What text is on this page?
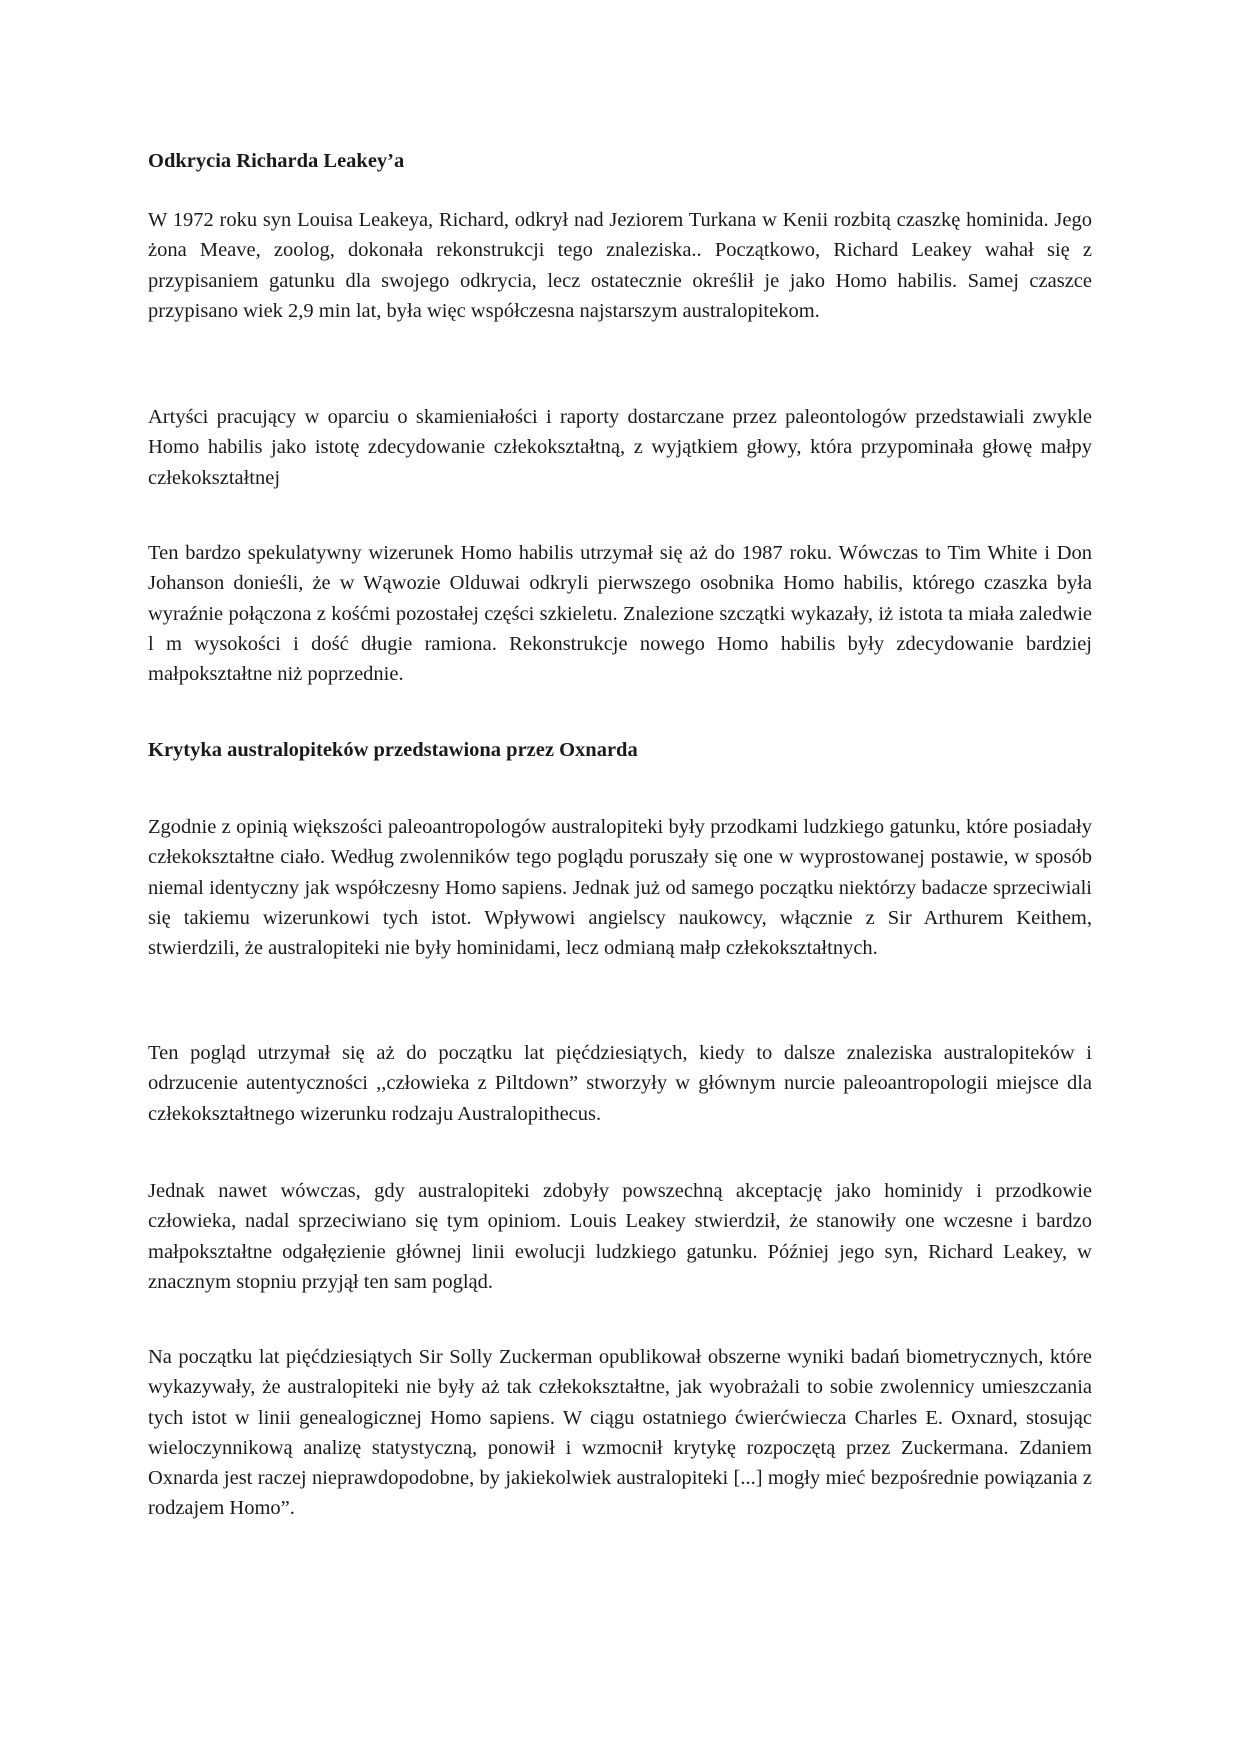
Odkrycia Richarda Leakey’a

W 1972 roku syn Louisa Leakeya, Richard, odkrył nad Jeziorem Turkana w Kenii rozbitą czaszkę hominida. Jego żona Meave, zoolog, dokonała rekonstrukcji tego znaleziska.. Początkowo, Richard Leakey wahał się z przypisaniem gatunku dla swojego odkrycia, lecz ostatecznie określił je jako Homo habilis. Samej czaszce przypisano wiek 2,9 min lat, była więc współczesna najstarszym australopitekom.

Artyści pracujący w oparciu o skamieniałości i raporty dostarczane przez paleontologów przedstawiali zwykle Homo habilis jako istotę zdecydowanie człekokształtną, z wyjątkiem głowy, która przypominała głowę małpy człekokształtnej

Ten bardzo spekulatywny wizerunek Homo habilis utrzymał się aż do 1987 roku. Wówczas to Tim White i Don Johanson donieśli, że w Wąwozie Olduwai odkryli pierwszego osobnika Homo habilis, którego czaszka była wyraźnie połączona z kośćmi pozostałej części szkieletu. Znalezione szczątki wykazały, iż istota ta miała zaledwie l m wysokości i dość długie ramiona. Rekonstrukcje nowego Homo habilis były zdecydowanie bardziej małpokształtne niż poprzednie.

Krytyka australopiteków przedstawiona przez Oxnarda

Zgodnie z opinią większości paleoantropologów australopiteki były przodkami ludzkiego gatunku, które posiadały człekokształtne ciało. Według zwolenników tego poglądu poruszały się one w wyprostowanej postawie, w sposób niemal identyczny jak współczesny Homo sapiens. Jednak już od samego początku niektórzy badacze sprzeciwiali się takiemu wizerunkowi tych istot. Wpływowi angielscy naukowcy, włącznie z Sir Arthurem Keithem, stwierdzili, że australopiteki nie były hominidami, lecz odmianą małp człekokształtnych.

Ten pogląd utrzymał się aż do początku lat pięćdziesiątych, kiedy to dalsze znaleziska australopiteków i odrzucenie autentyczności ,,człowieka z Piltdown” stworzyły w głównym nurcie paleoantropologii miejsce dla człekokształtnego wizerunku rodzaju Australopithecus.

Jednak nawet wówczas, gdy australopiteki zdobyły powszechną akceptację jako hominidy i przodkowie człowieka, nadal sprzeciwiano się tym opiniom. Louis Leakey stwierdził, że stanowiły one wczesne i bardzo małpokształtne odgałęzienie głównej linii ewolucji ludzkiego gatunku. Później jego syn, Richard Leakey, w znacznym stopniu przyjął ten sam pogląd.

Na początku lat pięćdziesiątych Sir Solly Zuckerman opublikował obszerne wyniki badań biometrycznych, które wykazywały, że australopiteki nie były aż tak człekokształtne, jak wyobrażali to sobie zwolennicy umieszczania tych istot w linii genealogicznej Homo sapiens. W ciągu ostatniego ćwierćwiecza Charles E. Oxnard, stosując wieloczynnikową analizę statystyczną, ponowił i wzmocnił krytykę rozpoczętą przez Zuckermana. Zdaniem Oxnarda jest raczej nieprawdopodobne, by jakiekolwiek australopiteki [...] mogły mieć bezpośrednie powiązania z rodzajem Homo”.
